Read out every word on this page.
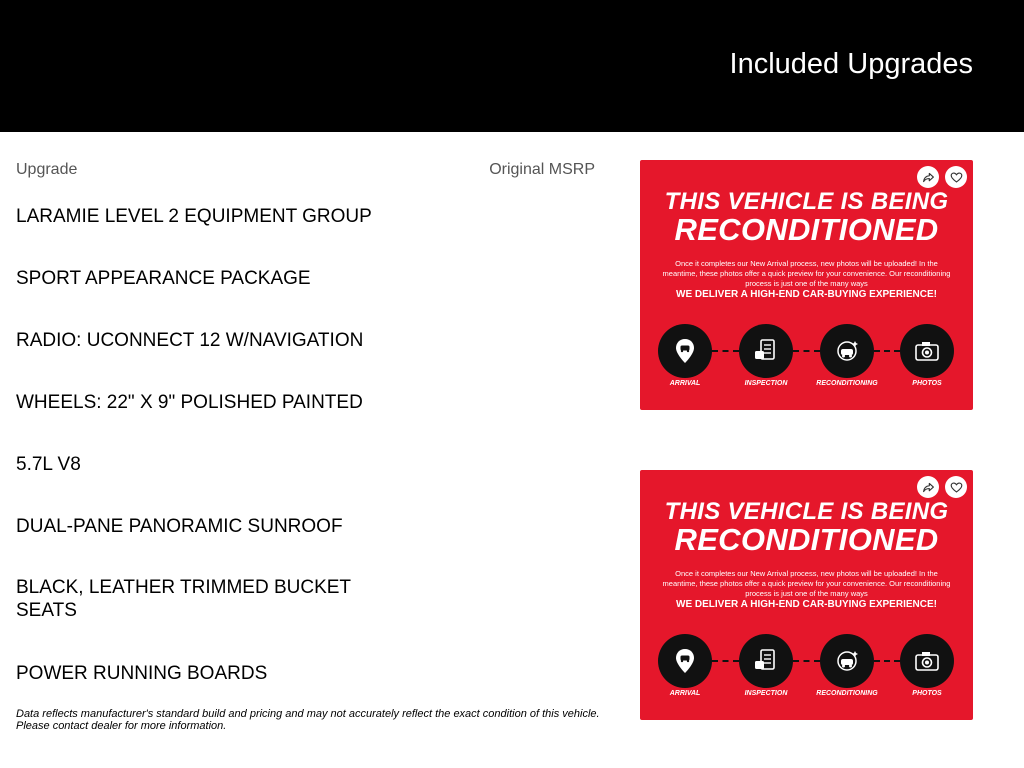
Included Upgrades
Upgrade	Original MSRP
LARAMIE LEVEL 2 EQUIPMENT GROUP
SPORT APPEARANCE PACKAGE
RADIO: UCONNECT 12 W/NAVIGATION
WHEELS: 22" X 9" POLISHED PAINTED
5.7L V8
DUAL-PANE PANORAMIC SUNROOF
BLACK, LEATHER TRIMMED BUCKET SEATS
POWER RUNNING BOARDS
Data reflects manufacturer's standard build and pricing and may not accurately reflect the exact condition of this vehicle. Please contact dealer for more information.
THIS VEHICLE IS BEING
RECONDITIONED
Once it completes our New Arrival process, new photos will be uploaded! In the meantime, these photos offer a quick preview for your convenience. Our reconditioning process is just one of the many ways
WE DELIVER A HIGH-END CAR-BUYING EXPERIENCE!
ARRIVAL	INSPECTION	RECONDITIONING	PHOTOS
THIS VEHICLE IS BEING
RECONDITIONED
Once it completes our New Arrival process, new photos will be uploaded! In the meantime, these photos offer a quick preview for your convenience. Our reconditioning process is just one of the many ways
WE DELIVER A HIGH-END CAR-BUYING EXPERIENCE!
ARRIVAL	INSPECTION	RECONDITIONING	PHOTOS
